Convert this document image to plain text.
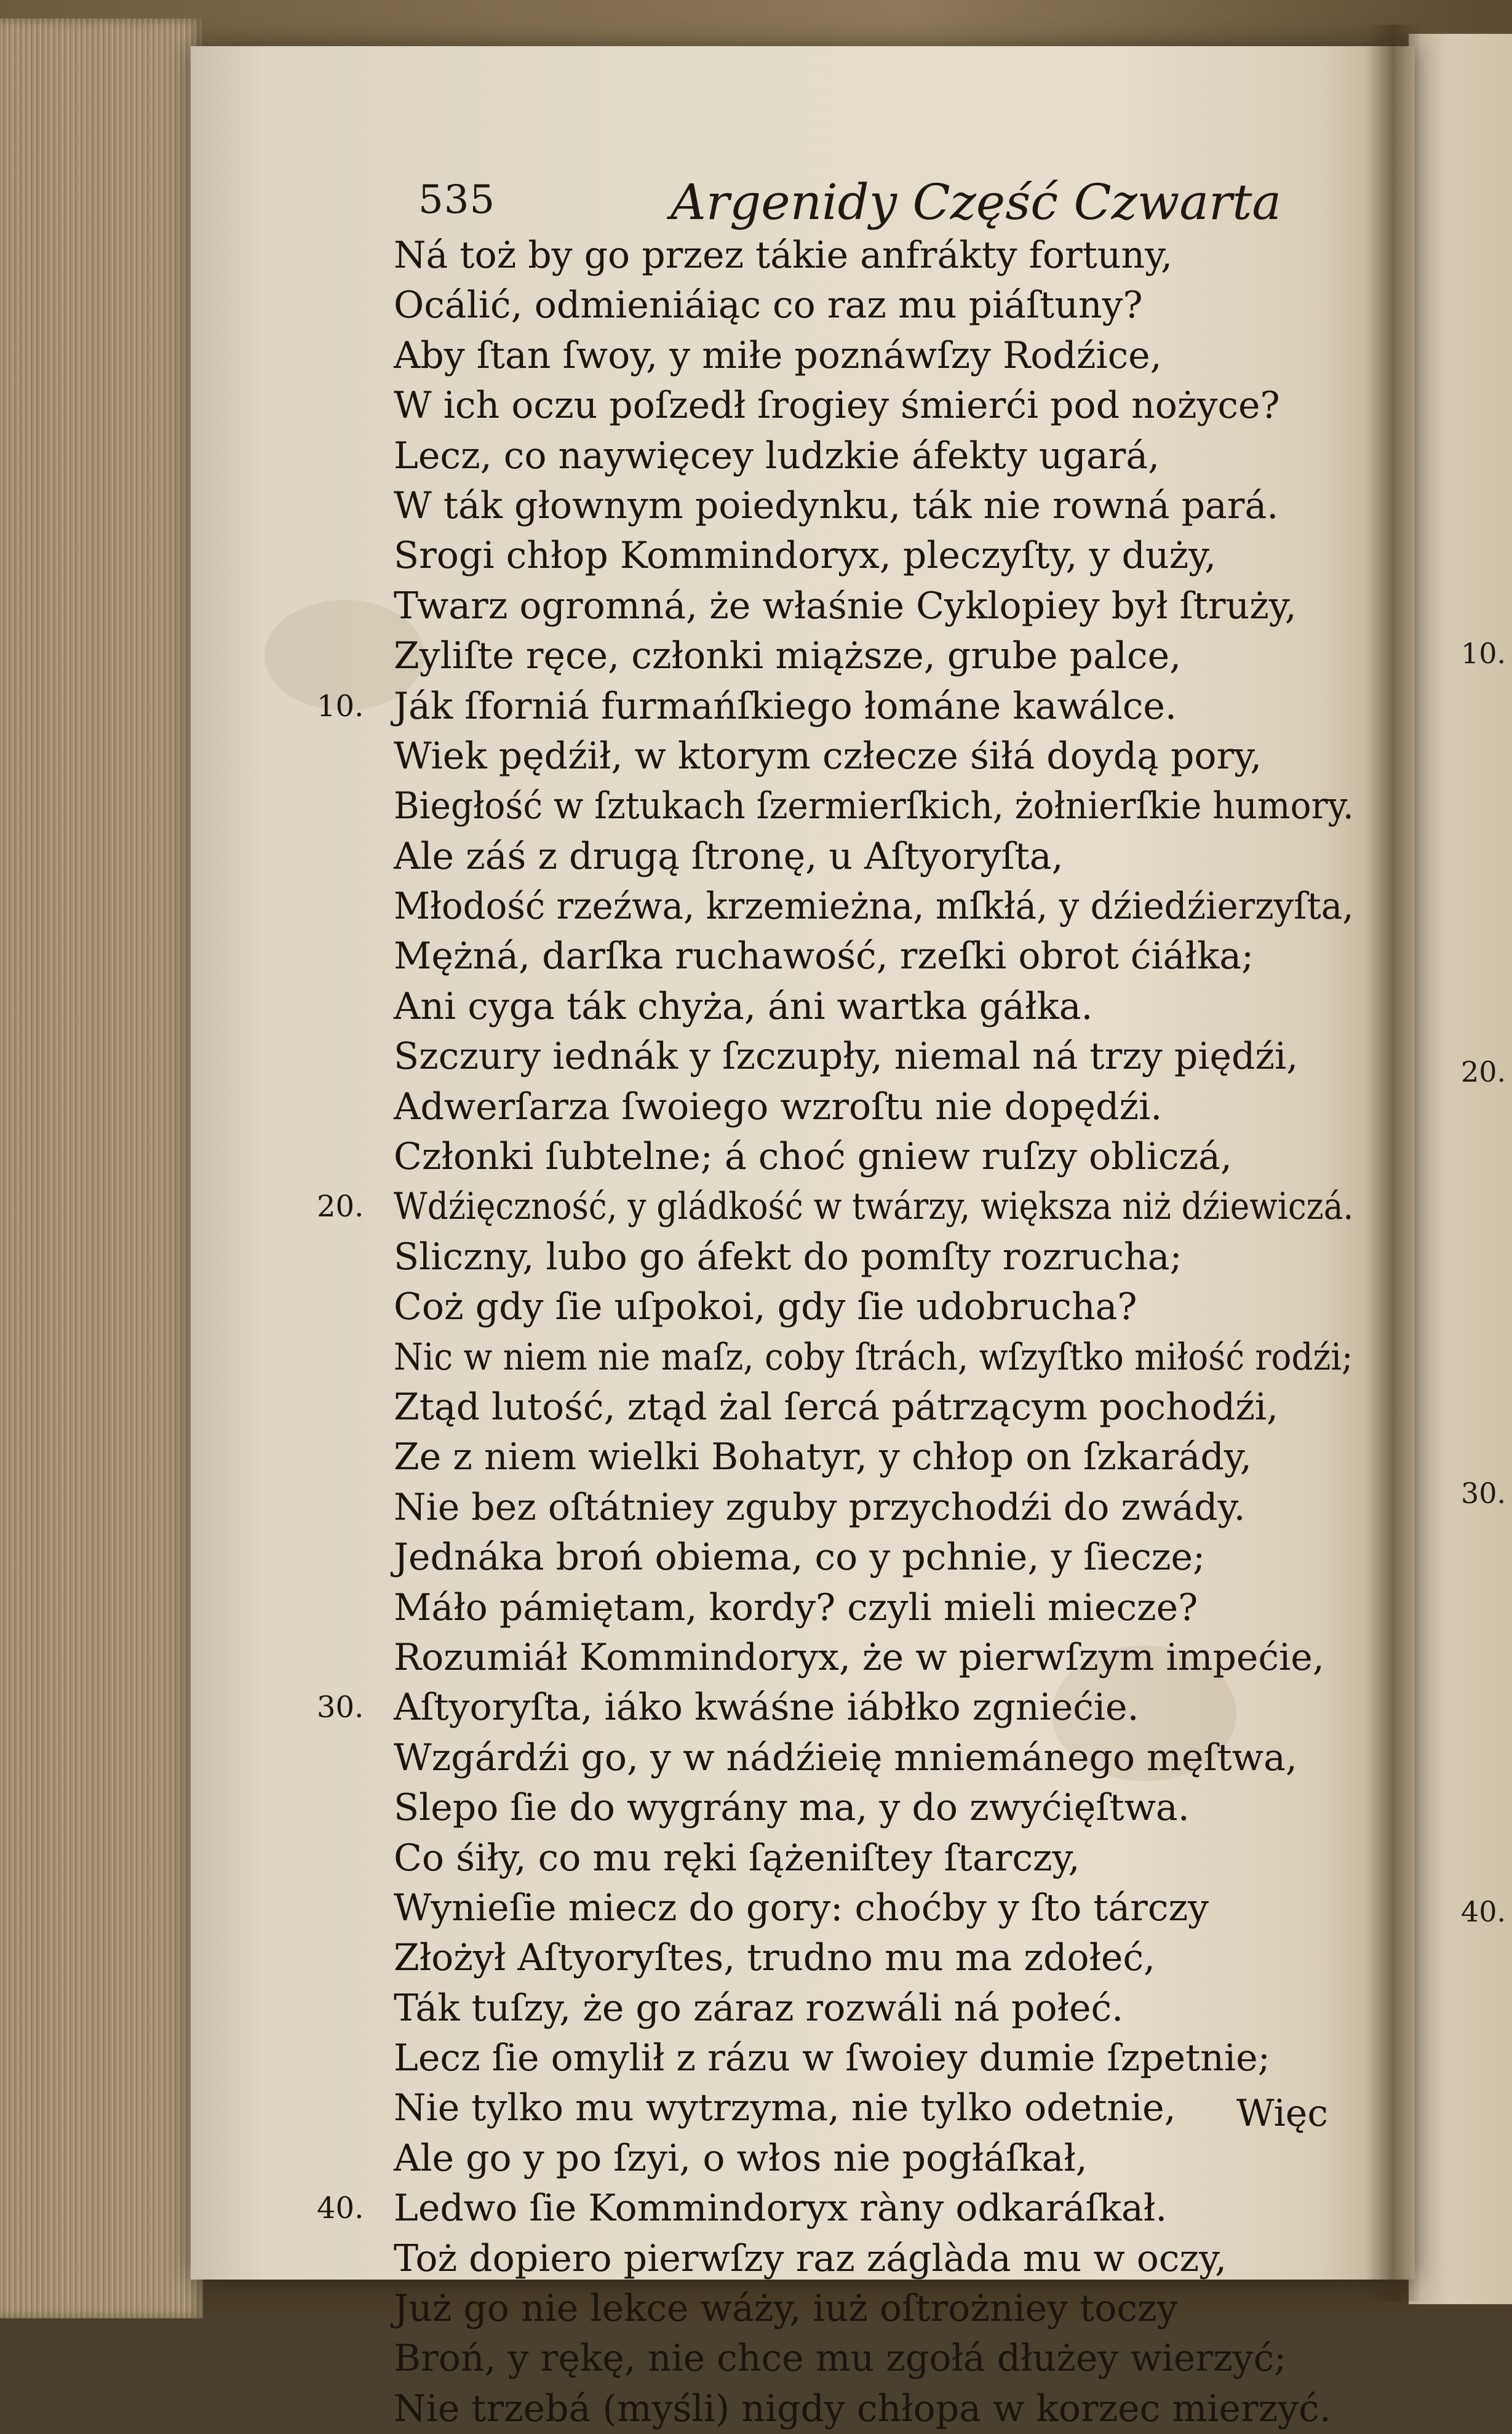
535	Argenidy Część Czwarta
Ná toż by go przez tákie anfrákty fortuny,
Ocálić, odmieniáiąc co raz mu piáſtuny?
Aby ſtan ſwoy, y miłe poznáwſzy Rodźice,
W ich oczu poſzedł ſrogiey śmierći pod nożyce?
Lecz, co naywięcey ludzkie áfekty ugará,
W ták głownym poiedynku, ták nie rowná pará.
Srogi chłop Kommindoryx, pleczyſty, y duży,
Twarz ogromná, że właśnie Cyklopiey był ſtruży,
Zyliſte ręce, członki miąższe, grube palce,
Ják ſforniá furmańſkiego łománe kawálce.
10.
Wiek pędźił, w ktorym człecze śiłá doydą pory,
Biegłość w ſztukach ſzermierſkich, żołnierſkie humory.
Ale záś z drugą ſtronę, u Aſtyoryſta,
Młodość rzeźwa, krzemieżna, mſkłá, y dźiedźierzyſta,
Mężná, darſka ruchawość, rzeſki obrot ćiáłka;
Ani cyga ták chyża, áni wartka gáłka.
Szczury iednák y ſzczupły, niemal ná trzy piędźi,
Adwerſarza ſwoiego wzroſtu nie dopędźi.
Członki ſubtelne; á choć gniew ruſzy obliczá,
Wdźięczność, y gládkość w twárzy, większa niż dźiewiczá.
20.
Sliczny, lubo go áfekt do pomſty rozrucha;
Coż gdy ſie uſpokoi, gdy ſie udobrucha?
Nic w niem nie maſz, coby ſtrách, wſzyſtko miłość rodźi;
Ztąd lutość, ztąd żal ſercá pátrzącym pochodźi,
Ze z niem wielki Bohatyr, y chłop on ſzkarády,
Nie bez oſtátniey zguby przychodźi do zwády.
Jednáka broń obiema, co y pchnie, y ſiecze;
Máło pámiętam, kordy? czyli mieli miecze?
Rozumiáł Kommindoryx, że w pierwſzym impećie,
Aſtyoryſta, iáko kwáśne iábłko zgniećie.
30.
Wzgárdźi go, y w nádźieię mniemánego męſtwa,
Slepo ſie do wygrány ma, y do zwyćięſtwa.
Co śiły, co mu ręki ſążeniſtey ſtarczy,
Wynieſie miecz do gory: choćby y ſto tárczy
Złożył Aſtyoryſtes, trudno mu ma zdołeć,
Ták tuſzy, że go záraz rozwáli ná połeć.
Lecz ſie omylił z rázu w ſwoiey dumie ſzpetnie;
Nie tylko mu wytrzyma, nie tylko odetnie,
Ale go y po ſzyi, o włos nie pogłáſkał,
Ledwo ſie Kommindoryx ràny odkaráſkał.
40.
Toż dopiero pierwſzy raz záglàda mu w oczy,
Już go nie lekce wáży, iuż oſtrożniey toczy
Broń, y rękę, nie chce mu zgołá dłużey wierzyć;
Nie trzebá (myśli) nigdy chłopa w korzec mierzyć.
Więc
10.
20.
30.
40.
